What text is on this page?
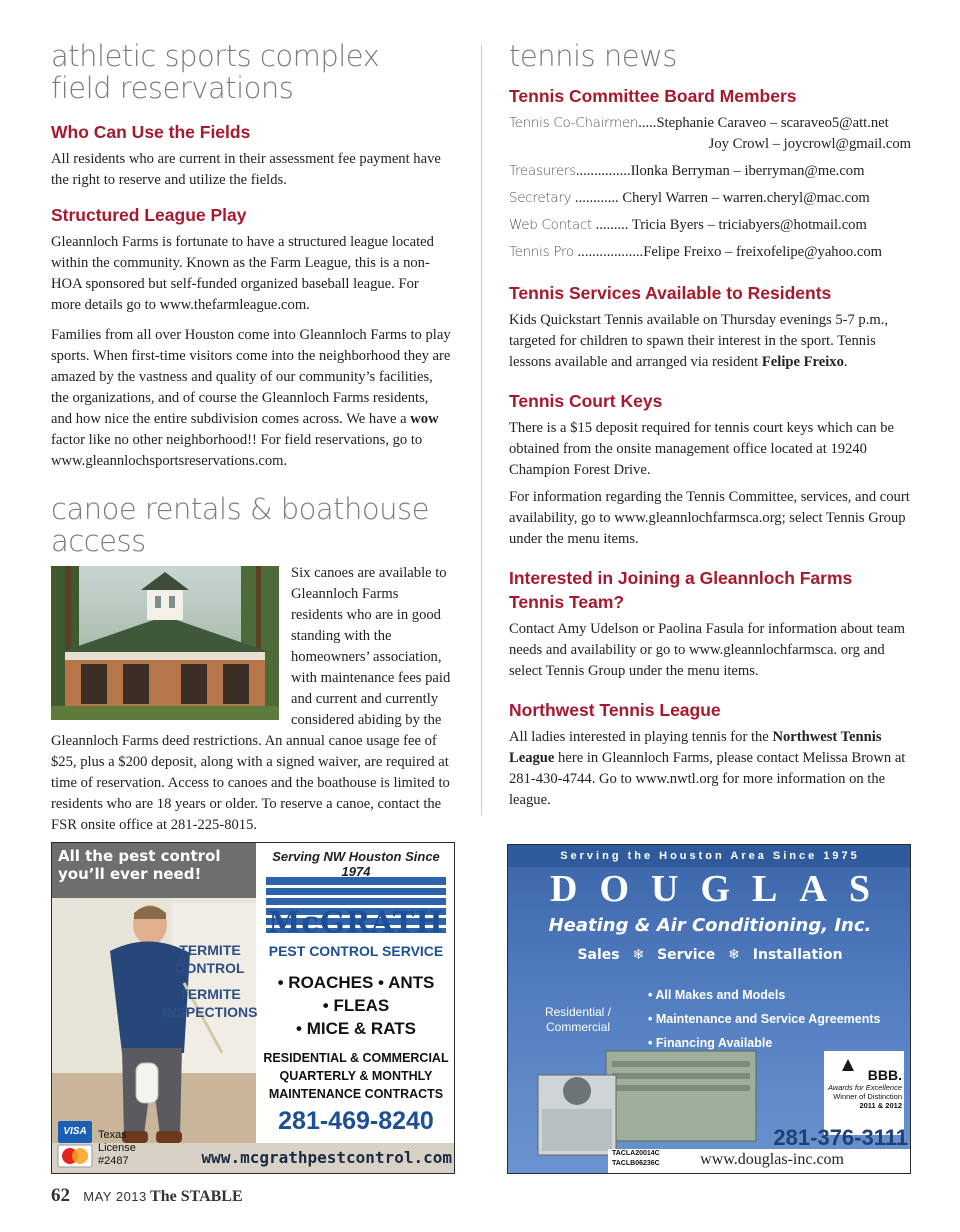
athletic sports complex
field reservations
Who Can Use the Fields

All residents who are current in their assessment fee payment have the right to reserve and utilize the fields.

Structured League Play

Gleannloch Farms is fortunate to have a structured league located within the community. Known as the Farm League, this is a non-HOA sponsored but self-funded organized baseball league. For more details go to www.thefarmleague.com.

Families from all over Houston come into Gleannloch Farms to play sports. When first-time visitors come into the neighborhood they are amazed by the vastness and quality of our community’s facilities, the organizations, and of course the Gleannloch Farms residents, and how nice the entire subdivision comes across. We have a wow factor like no other neighborhood!! For field reservations, go to www.gleannlochsportsreservations.com.

canoe rentals & boathouse access
Six canoes are available to Gleannloch Farms residents who are in good standing with the homeowners’ association, with maintenance fees paid and current and currently considered abiding by the Gleannloch Farms deed restrictions. An annual canoe usage fee of $25, plus a $200 deposit, along with a signed waiver, are required at time of reservation. Access to canoes and the boathouse is limited to residents who are 18 years or older. To reserve a canoe, contact the FSR onsite office at 281-225-8015.
tennis news
Tennis Committee Board Members
Tennis Co-Chairmen.....Stephanie Caraveo – scaraveo5@att.net
Joy Crowl – joycrowl@gmail.com
Treasurers...............Ilonka Berryman – iberryman@me.com
Secretary ............ Cheryl Warren – warren.cheryl@mac.com
Web Contact ......... Tricia Byers – triciabyers@hotmail.com
Tennis Pro ..................Felipe Freixo – freixofelipe@yahoo.com
Tennis Services Available to Residents

Kids Quickstart Tennis available on Thursday evenings 5-7 p.m., targeted for children to spawn their interest in the sport. Tennis lessons available and arranged via resident Felipe Freixo.

Tennis Court Keys

There is a $15 deposit required for tennis court keys which can be obtained from the onsite management office located at 19240 Champion Forest Drive.

For information regarding the Tennis Committee, services, and court availability, go to www.gleannlochfarmsca.org; select Tennis Group under the menu items.

Interested in Joining a Gleannloch Farms
Tennis Team?

Contact Amy Udelson or Paolina Fasula for information about team needs and availability or go to www.gleannlochfarmsca. org and select Tennis Group under the menu items.

Northwest Tennis League

All ladies interested in playing tennis for the Northwest Tennis League here in Gleannloch Farms, please contact Melissa Brown at 281-430-4744. Go to www.nwtl.org for more information on the league.

All the pest control
you’ll ever need!
Serving NW Houston Since 1974
McGRATH
PEST CONTROL SERVICE
TERMITE
CONTROL
TERMITE
INSPECTIONS
• ROACHES • ANTS
• FLEAS
• MICE & RATS
RESIDENTIAL & COMMERCIAL
QUARTERLY & MONTHLY
MAINTENANCE CONTRACTS
281-469-8240
VISA	Texas
License
#2487	www.mcgrathpestcontrol.com
Serving the Houston Area Since 1975
DOUGLAS
Heating & Air Conditioning, Inc.
Sales ❄ Service ❄ Installation
Residential /
Commercial
• All Makes and Models
• Maintenance and Service Agreements
• Financing Available
BBB.
Awards for Excellence
Winner of Distinction
2011 & 2012
TACLA20014C
TACLB06236C
281-376-3111
www.douglas-inc.com
62 MAY 2013 The STABLE
